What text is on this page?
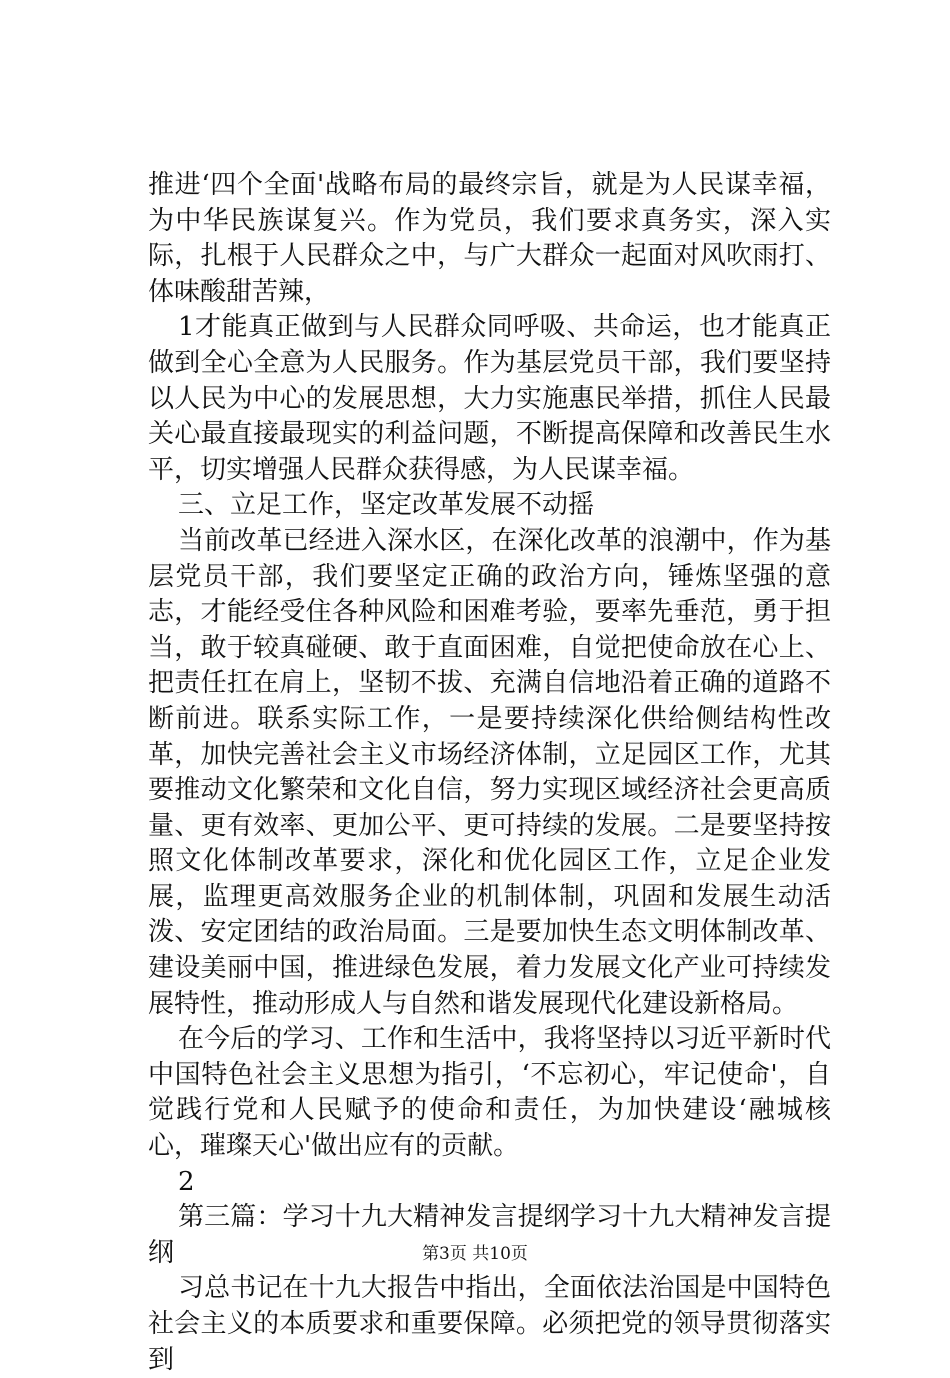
推进‘四个全面'战略布局的最终宗旨，就是为人民谋幸福，为中华民族谋复兴。作为党员，我们要求真务实，深入实际，扎根于人民群众之中，与广大群众一起面对风吹雨打、体味酸甜苦辣，

1才能真正做到与人民群众同呼吸、共命运，也才能真正做到全心全意为人民服务。作为基层党员干部，我们要坚持以人民为中心的发展思想，大力实施惠民举措，抓住人民最关心最直接最现实的利益问题，不断提高保障和改善民生水平，切实增强人民群众获得感，为人民谋幸福。

三、立足工作，坚定改革发展不动摇

当前改革已经进入深水区，在深化改革的浪潮中，作为基层党员干部，我们要坚定正确的政治方向，锤炼坚强的意志，才能经受住各种风险和困难考验，要率先垂范，勇于担当，敢于较真碰硬、敢于直面困难，自觉把使命放在心上、把责任扛在肩上，坚韧不拔、充满自信地沿着正确的道路不断前进。联系实际工作，一是要持续深化供给侧结构性改革，加快完善社会主义市场经济体制，立足园区工作，尤其要推动文化繁荣和文化自信，努力实现区域经济社会更高质量、更有效率、更加公平、更可持续的发展。二是要坚持按照文化体制改革要求，深化和优化园区工作，立足企业发展，监理更高效服务企业的机制体制，巩固和发展生动活泼、安定团结的政治局面。三是要加快生态文明体制改革、建设美丽中国，推进绿色发展，着力发展文化产业可持续发展特性，推动形成人与自然和谐发展现代化建设新格局。

在今后的学习、工作和生活中，我将坚持以习近平新时代中国特色社会主义思想为指引，‘不忘初心，牢记使命'，自觉践行党和人民赋予的使命和责任，为加快建设‘融城核心，璀璨天心'做出应有的贡献。

2

第三篇：学习十九大精神发言提纲学习十九大精神发言提纲

习总书记在十九大报告中指出，全面依法治国是中国特色社会主义的本质要求和重要保障。必须把党的领导贯彻落实到

第3页 共10页
